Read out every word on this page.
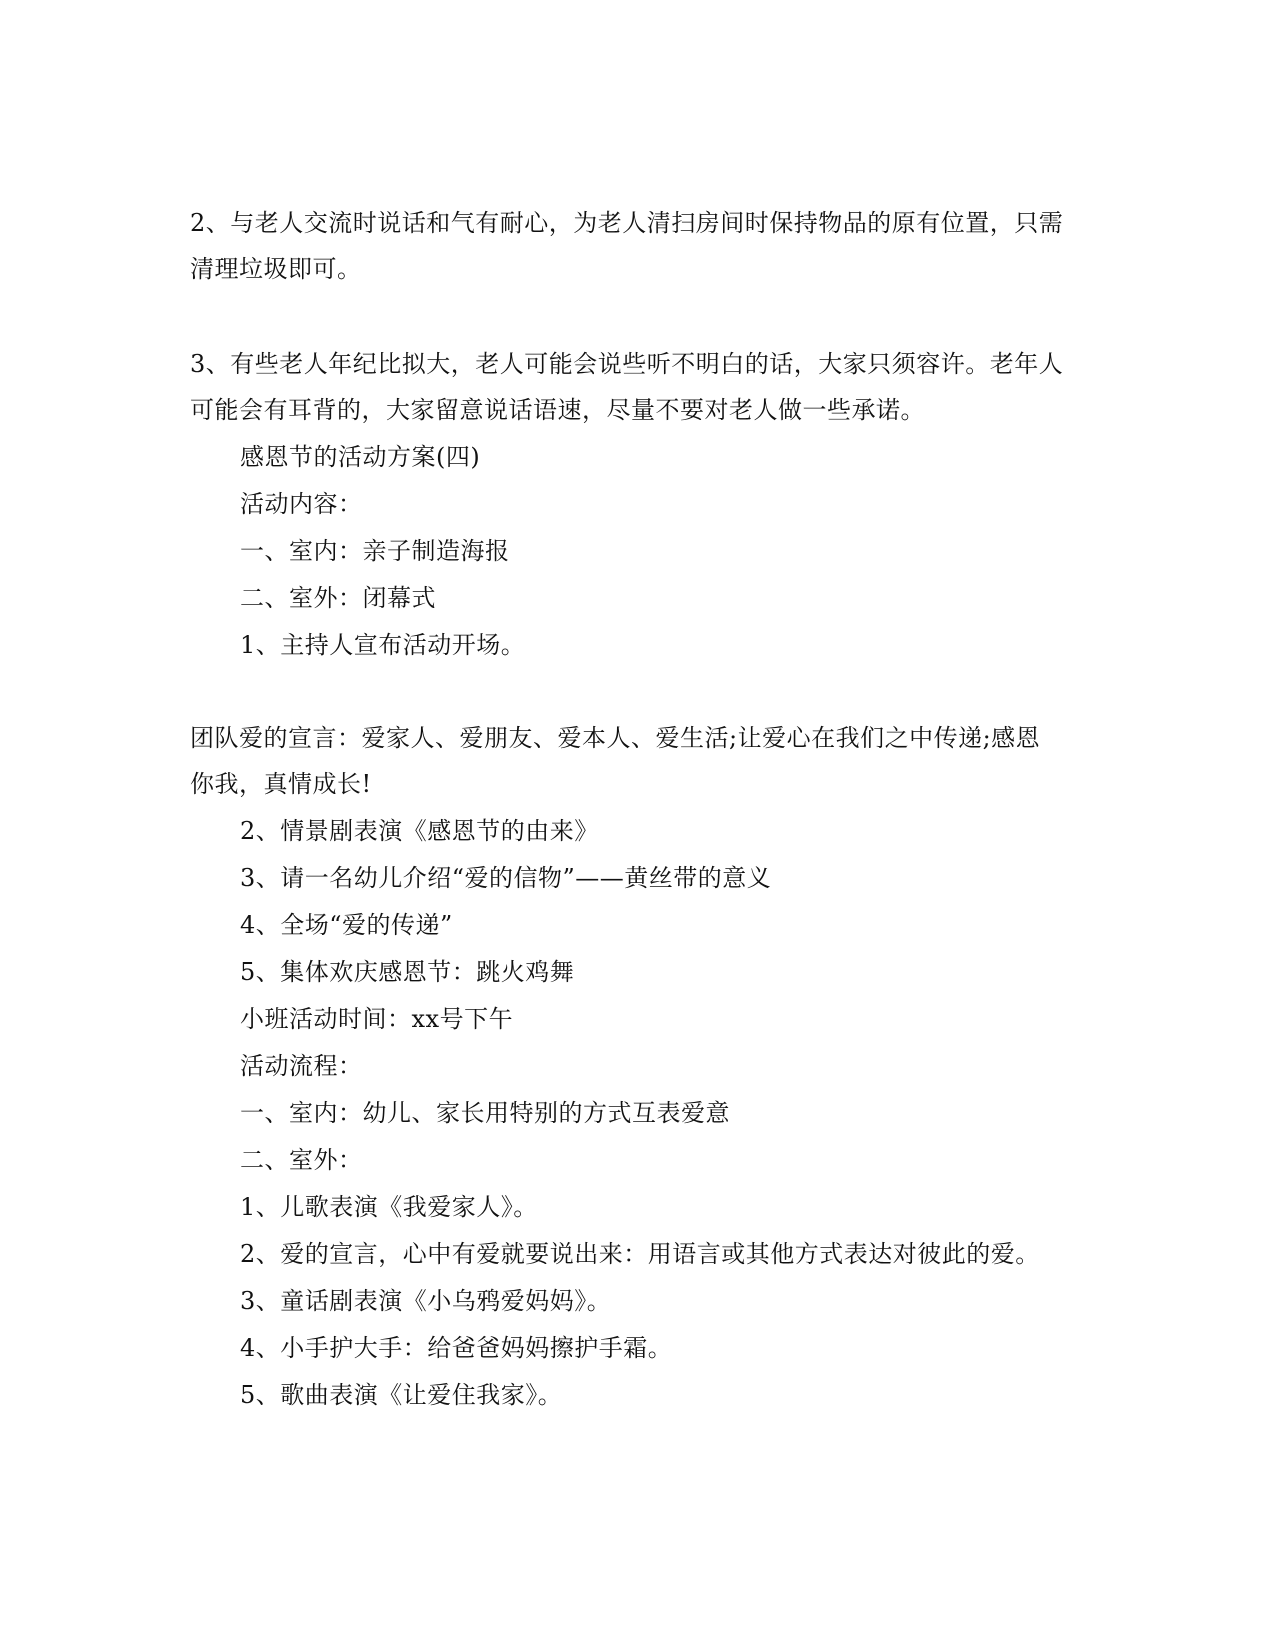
2、与老人交流时说话和气有耐心，为老人清扫房间时保持物品的原有位置，只需
清理垃圾即可。
3、有些老人年纪比拟大，老人可能会说些听不明白的话，大家只须容许。老年人
可能会有耳背的，大家留意说话语速，尽量不要对老人做一些承诺。
感恩节的活动方案(四)
活动内容：
一、室内：亲子制造海报
二、室外：闭幕式
1、主持人宣布活动开场。
团队爱的宣言：爱家人、爱朋友、爱本人、爱生活;让爱心在我们之中传递;感恩
你我，真情成长!
2、情景剧表演《感恩节的由来》
3、请一名幼儿介绍“爱的信物”——黄丝带的意义
4、全场“爱的传递”
5、集体欢庆感恩节：跳火鸡舞
小班活动时间：xx号下午
活动流程：
一、室内：幼儿、家长用特别的方式互表爱意
二、室外：
1、儿歌表演《我爱家人》。
2、爱的宣言，心中有爱就要说出来：用语言或其他方式表达对彼此的爱。
3、童话剧表演《小乌鸦爱妈妈》。
4、小手护大手：给爸爸妈妈擦护手霜。
5、歌曲表演《让爱住我家》。
